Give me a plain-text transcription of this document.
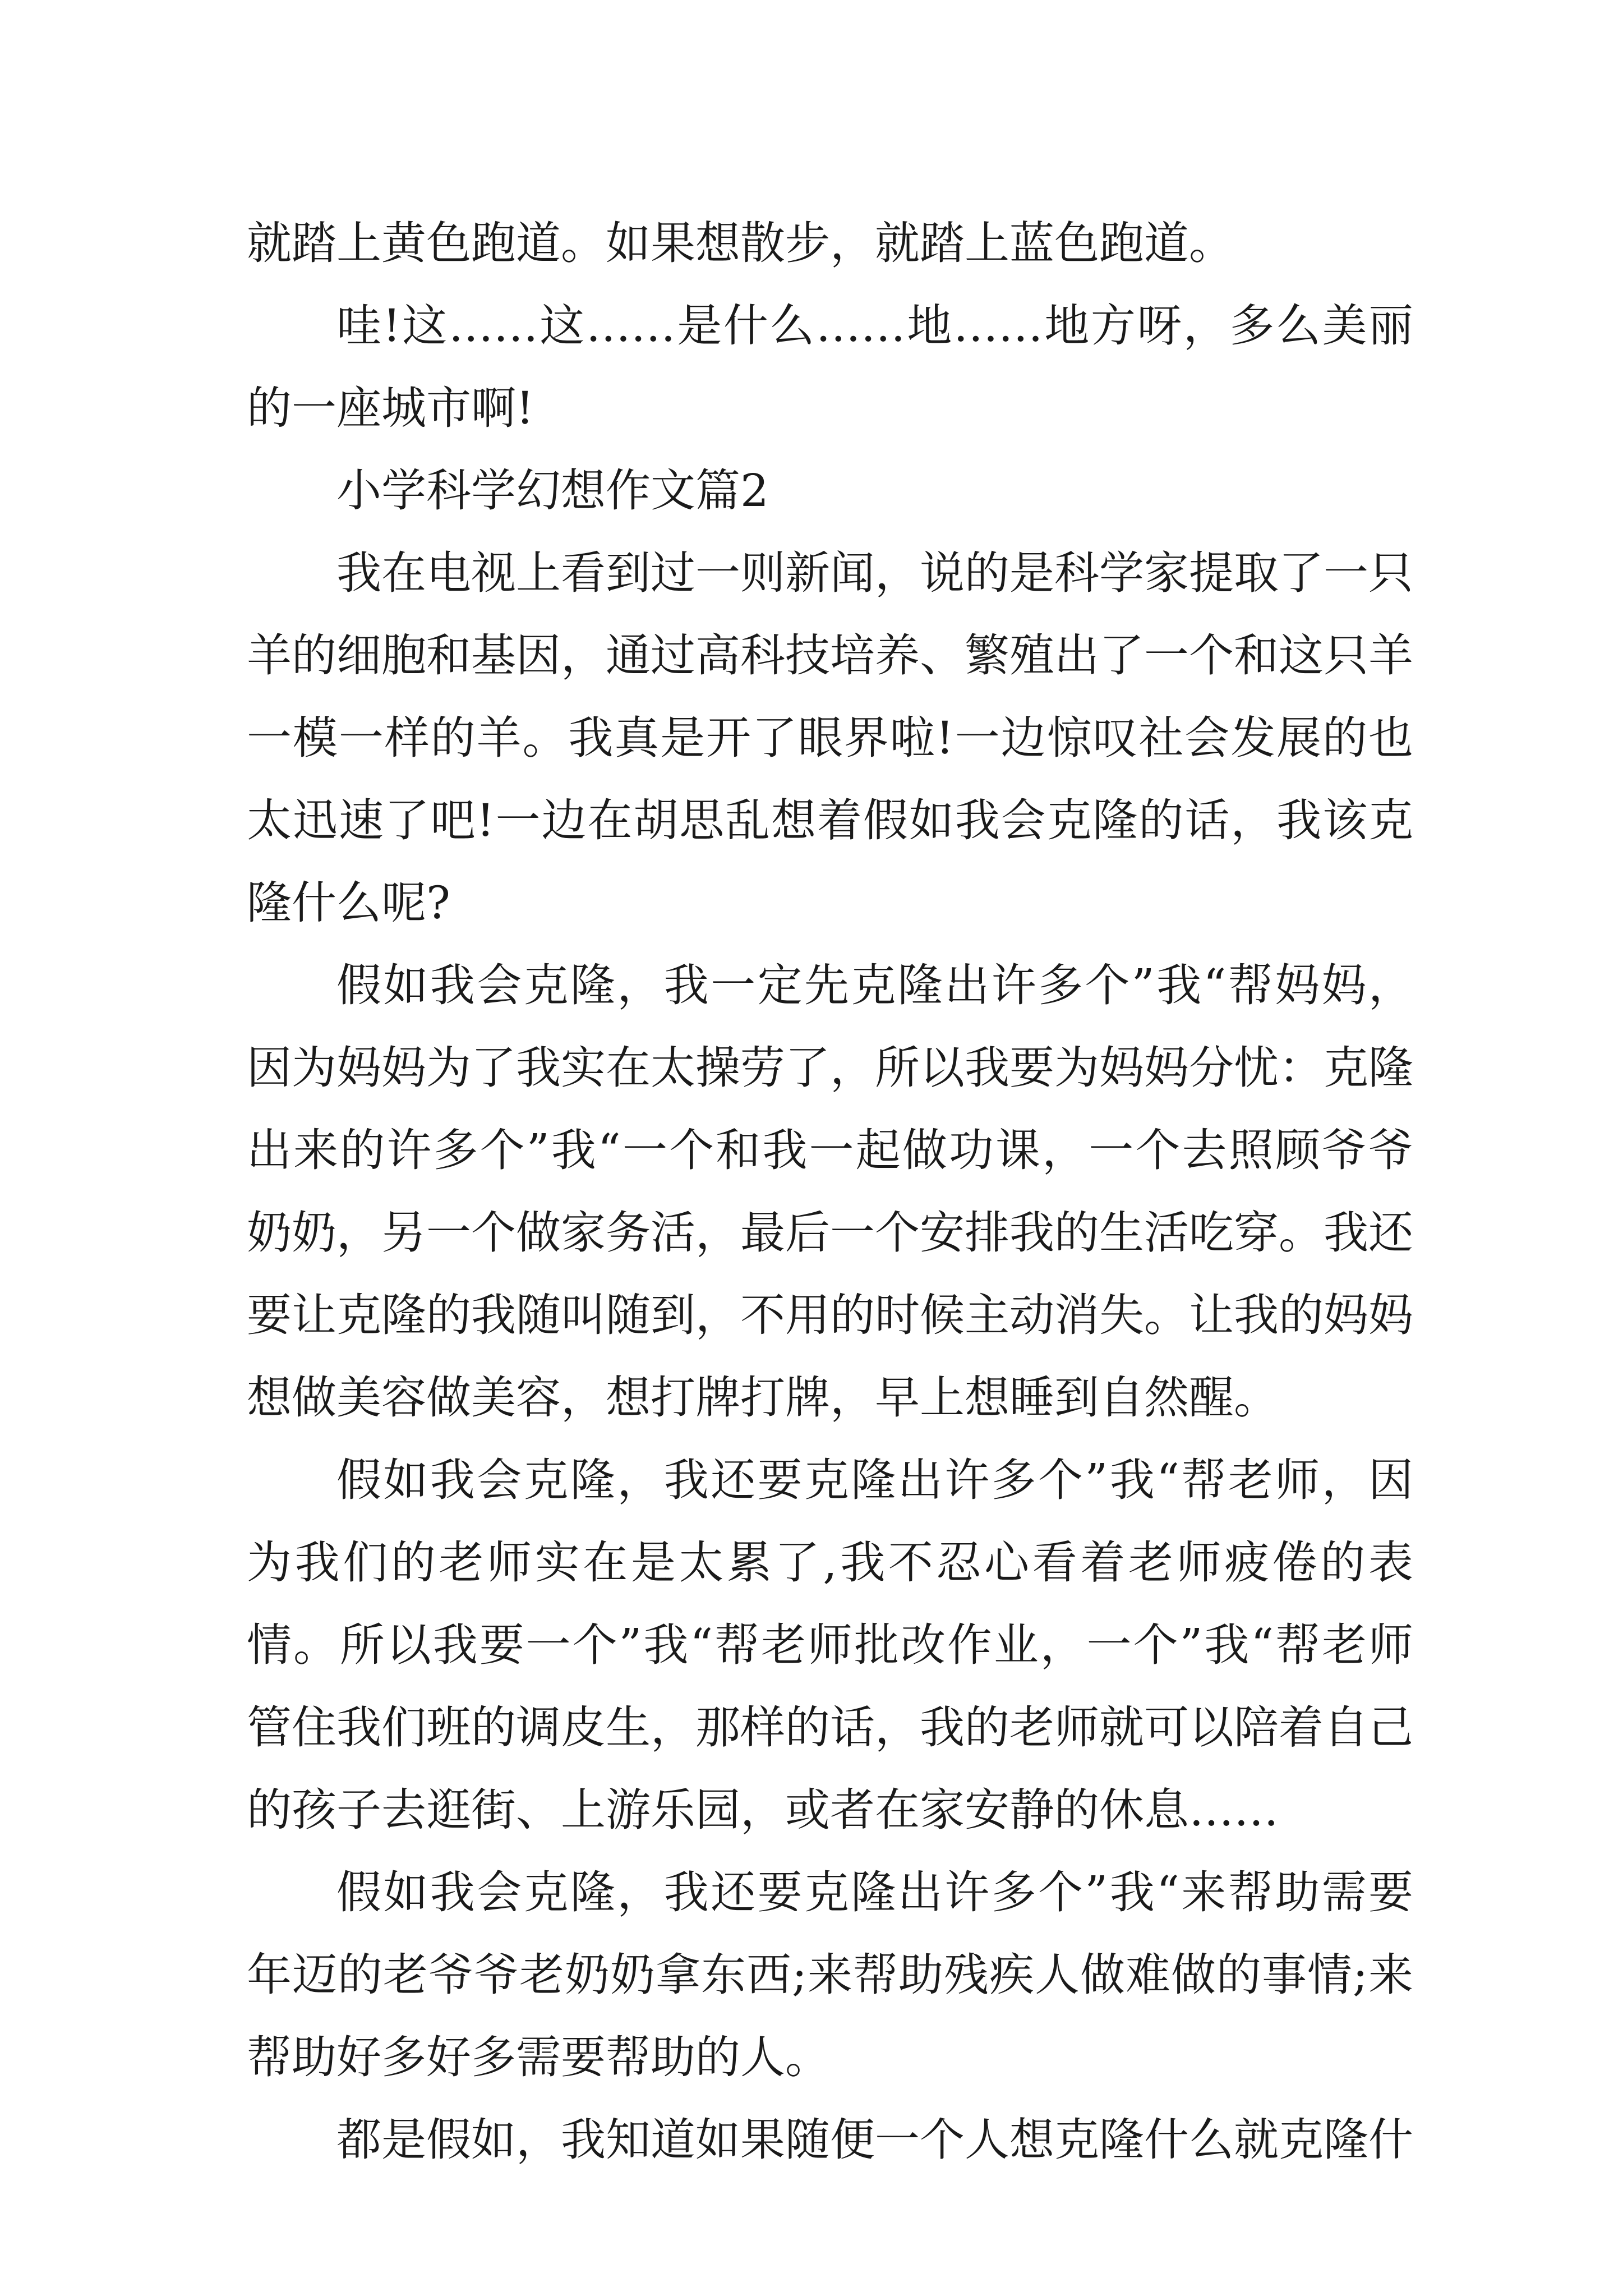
就踏上黄色跑道。如果想散步，就踏上蓝色跑道。

哇!这……这……是什么……地……地方呀，多么美丽的一座城市啊!

小学科学幻想作文篇2

我在电视上看到过一则新闻，说的是科学家提取了一只羊的细胞和基因，通过高科技培养、繁殖出了一个和这只羊一模一样的羊。我真是开了眼界啦!一边惊叹社会发展的也太迅速了吧!一边在胡思乱想着假如我会克隆的话，我该克隆什么呢?

假如我会克隆，我一定先克隆出许多个”我“帮妈妈，因为妈妈为了我实在太操劳了，所以我要为妈妈分忧：克隆出来的许多个”我“一个和我一起做功课，一个去照顾爷爷奶奶，另一个做家务活，最后一个安排我的生活吃穿。我还要让克隆的我随叫随到，不用的时候主动消失。让我的妈妈想做美容做美容，想打牌打牌，早上想睡到自然醒。

假如我会克隆，我还要克隆出许多个”我“帮老师，因为我们的老师实在是太累了,我不忍心看着老师疲倦的表情。所以我要一个”我“帮老师批改作业，一个”我“帮老师管住我们班的调皮生，那样的话，我的老师就可以陪着自己的孩子去逛街、上游乐园，或者在家安静的休息……

假如我会克隆，我还要克隆出许多个”我“来帮助需要年迈的老爷爷老奶奶拿东西;来帮助残疾人做难做的事情;来帮助好多好多需要帮助的人。

都是假如，我知道如果随便一个人想克隆什么就克隆什
